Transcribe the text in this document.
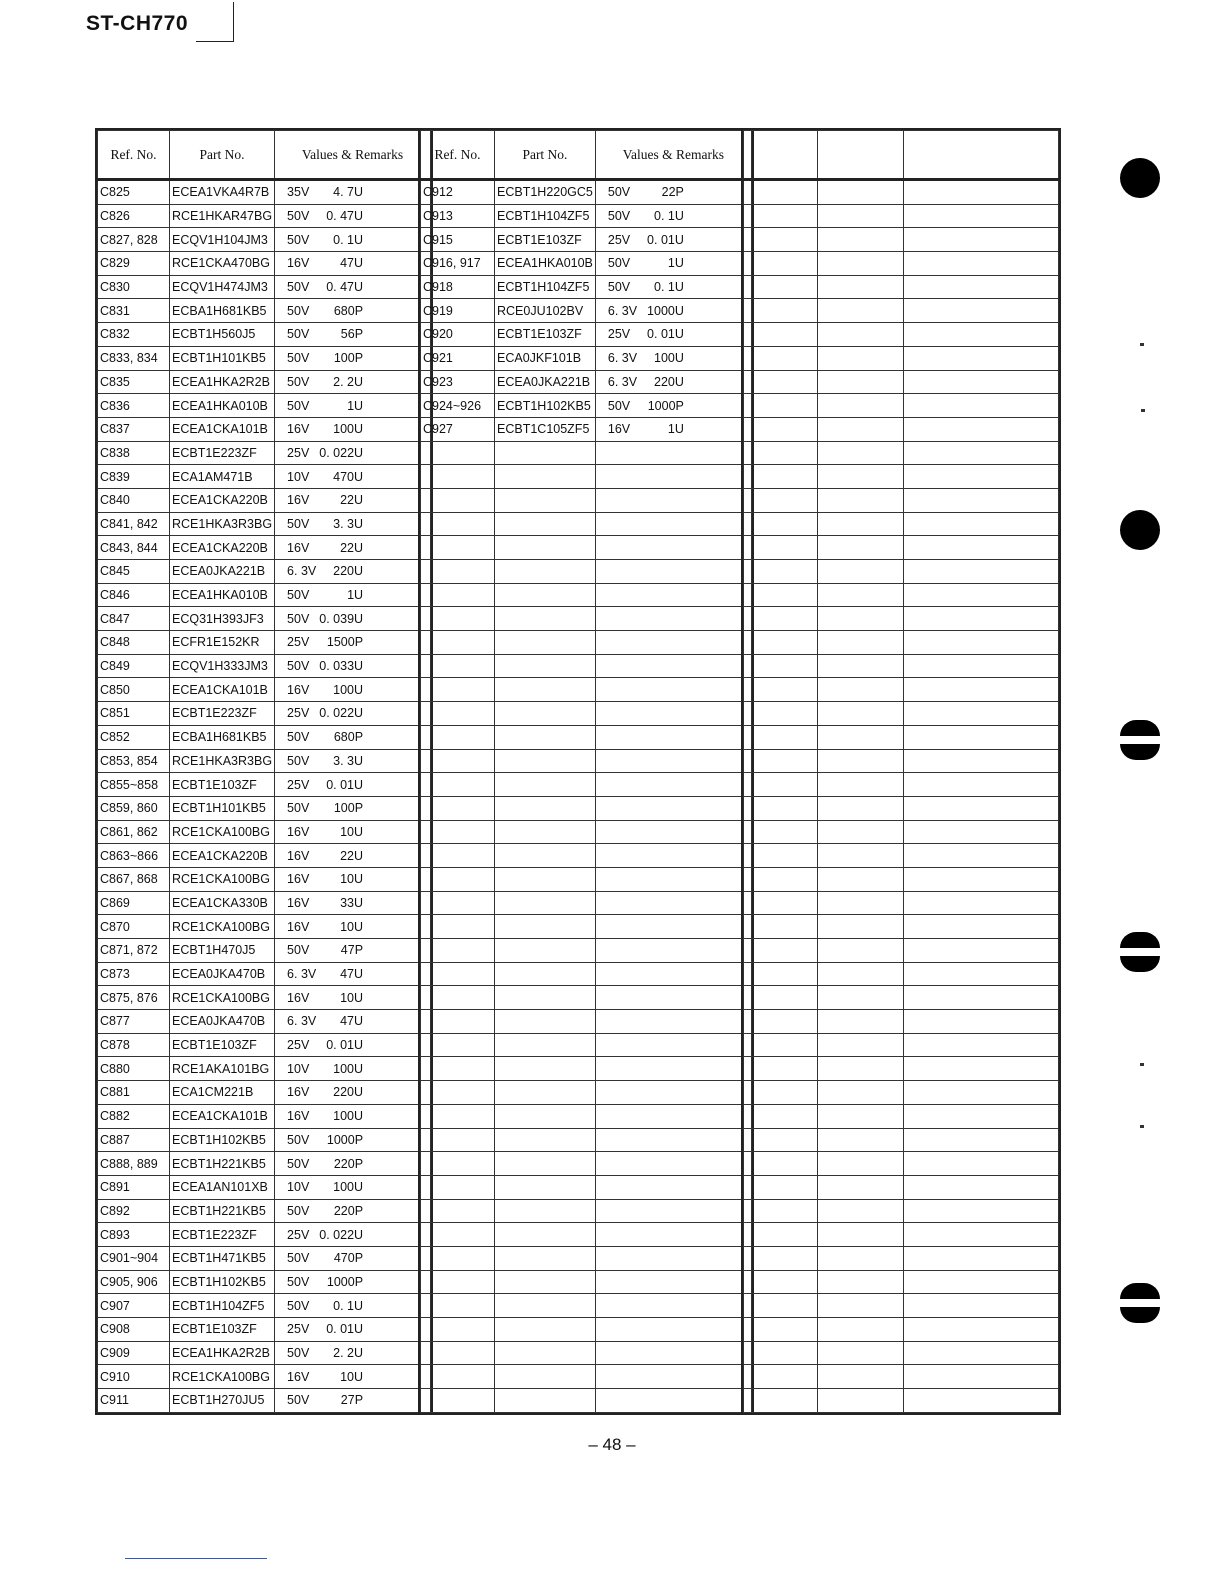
ST-CH770
Ref. No.	Part No.	Values & Remarks
C825	ECEA1VKA4R7B	35V 4. 7U

C826	RCE1HKAR47BG	50V 0. 47U

C827, 828	ECQV1H104JM3	50V 0. 1U

C829	RCE1CKA470BG	16V 47U

C830	ECQV1H474JM3	50V 0. 47U

C831	ECBA1H681KB5	50V 680P

C832	ECBT1H560J5	50V 56P

C833, 834	ECBT1H101KB5	50V 100P

C835	ECEA1HKA2R2B	50V 2. 2U

C836	ECEA1HKA010B	50V 1U

C837	ECEA1CKA101B	16V 100U

C838	ECBT1E223ZF	25V 0. 022U

C839	ECA1AM471B	10V 470U

C840	ECEA1CKA220B	16V 22U

C841, 842	RCE1HKA3R3BG	50V 3. 3U

C843, 844	ECEA1CKA220B	16V 22U

C845	ECEA0JKA221B	6. 3V 220U

C846	ECEA1HKA010B	50V 1U

C847	ECQ31H393JF3	50V 0. 039U

C848	ECFR1E152KR	25V 1500P

C849	ECQV1H333JM3	50V 0. 033U

C850	ECEA1CKA101B	16V 100U

C851	ECBT1E223ZF	25V 0. 022U

C852	ECBA1H681KB5	50V 680P

C853, 854	RCE1HKA3R3BG	50V 3. 3U

C855~858	ECBT1E103ZF	25V 0. 01U

C859, 860	ECBT1H101KB5	50V 100P

C861, 862	RCE1CKA100BG	16V 10U

C863~866	ECEA1CKA220B	16V 22U

C867, 868	RCE1CKA100BG	16V 10U

C869	ECEA1CKA330B	16V 33U

C870	RCE1CKA100BG	16V 10U

C871, 872	ECBT1H470J5	50V 47P

C873	ECEA0JKA470B	6. 3V 47U

C875, 876	RCE1CKA100BG	16V 10U

C877	ECEA0JKA470B	6. 3V 47U

C878	ECBT1E103ZF	25V 0. 01U

C880	RCE1AKA101BG	10V 100U

C881	ECA1CM221B	16V 220U

C882	ECEA1CKA101B	16V 100U

C887	ECBT1H102KB5	50V 1000P

C888, 889	ECBT1H221KB5	50V 220P

C891	ECEA1AN101XB	10V 100U

C892	ECBT1H221KB5	50V 220P

C893	ECBT1E223ZF	25V 0. 022U

C901~904	ECBT1H471KB5	50V 470P

C905, 906	ECBT1H102KB5	50V 1000P

C907	ECBT1H104ZF5	50V 0. 1U

C908	ECBT1E103ZF	25V 0. 01U

C909	ECEA1HKA2R2B	50V 2. 2U

C910	RCE1CKA100BG	16V 10U

C911	ECBT1H270JU5	50V 27P
Ref. No.	Part No.	Values & Remarks
C912	ECBT1H220GC5	50V 22P

C913	ECBT1H104ZF5	50V 0. 1U

C915	ECBT1E103ZF	25V 0. 01U

C916, 917	ECEA1HKA010B	50V 1U

C918	ECBT1H104ZF5	50V 0. 1U

C919	RCE0JU102BV	6. 3V 1000U

C920	ECBT1E103ZF	25V 0. 01U

C921	ECA0JKF101B	6. 3V 100U

C923	ECEA0JKA221B	6. 3V 220U

C924~926	ECBT1H102KB5	50V 1000P

C927	ECBT1C105ZF5	16V 1U

– 48 –
